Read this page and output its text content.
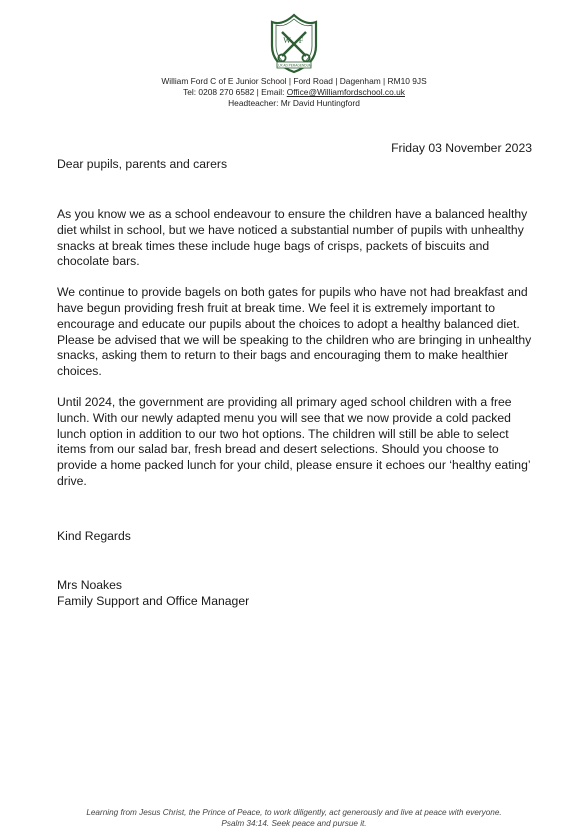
W F
LUX AD PERAGENDUM
William Ford C of E Junior School | Ford Road | Dagenham | RM10 9JS
Tel: 0208 270 6582 | Email: Office@Williamfordschool.co.uk
Headteacher: Mr David Huntingford
Friday 03 November 2023
Dear pupils, parents and carers

As you know we as a school endeavour to ensure the children have a balanced healthy diet whilst in school, but we have noticed a substantial number of pupils with unhealthy snacks at break times these include huge bags of crisps, packets of biscuits and chocolate bars.

We continue to provide bagels on both gates for pupils who have not had breakfast and have begun providing fresh fruit at break time. We feel it is extremely important to encourage and educate our pupils about the choices to adopt a healthy balanced diet. Please be advised that we will be speaking to the children who are bringing in unhealthy snacks, asking them to return to their bags and encouraging them to make healthier choices.

Until 2024, the government are providing all primary aged school children with a free lunch. With our newly adapted menu you will see that we now provide a cold packed lunch option in addition to our two hot options. The children will still be able to select items from our salad bar, fresh bread and desert selections. Should you choose to provide a home packed lunch for your child, please ensure it echoes our ‘healthy eating’ drive.

Kind Regards
Mrs Noakes
Family Support and Office Manager
Learning from Jesus Christ, the Prince of Peace, to work diligently, act generously and live at peace with everyone.
Psalm 34:14. Seek peace and pursue it.
